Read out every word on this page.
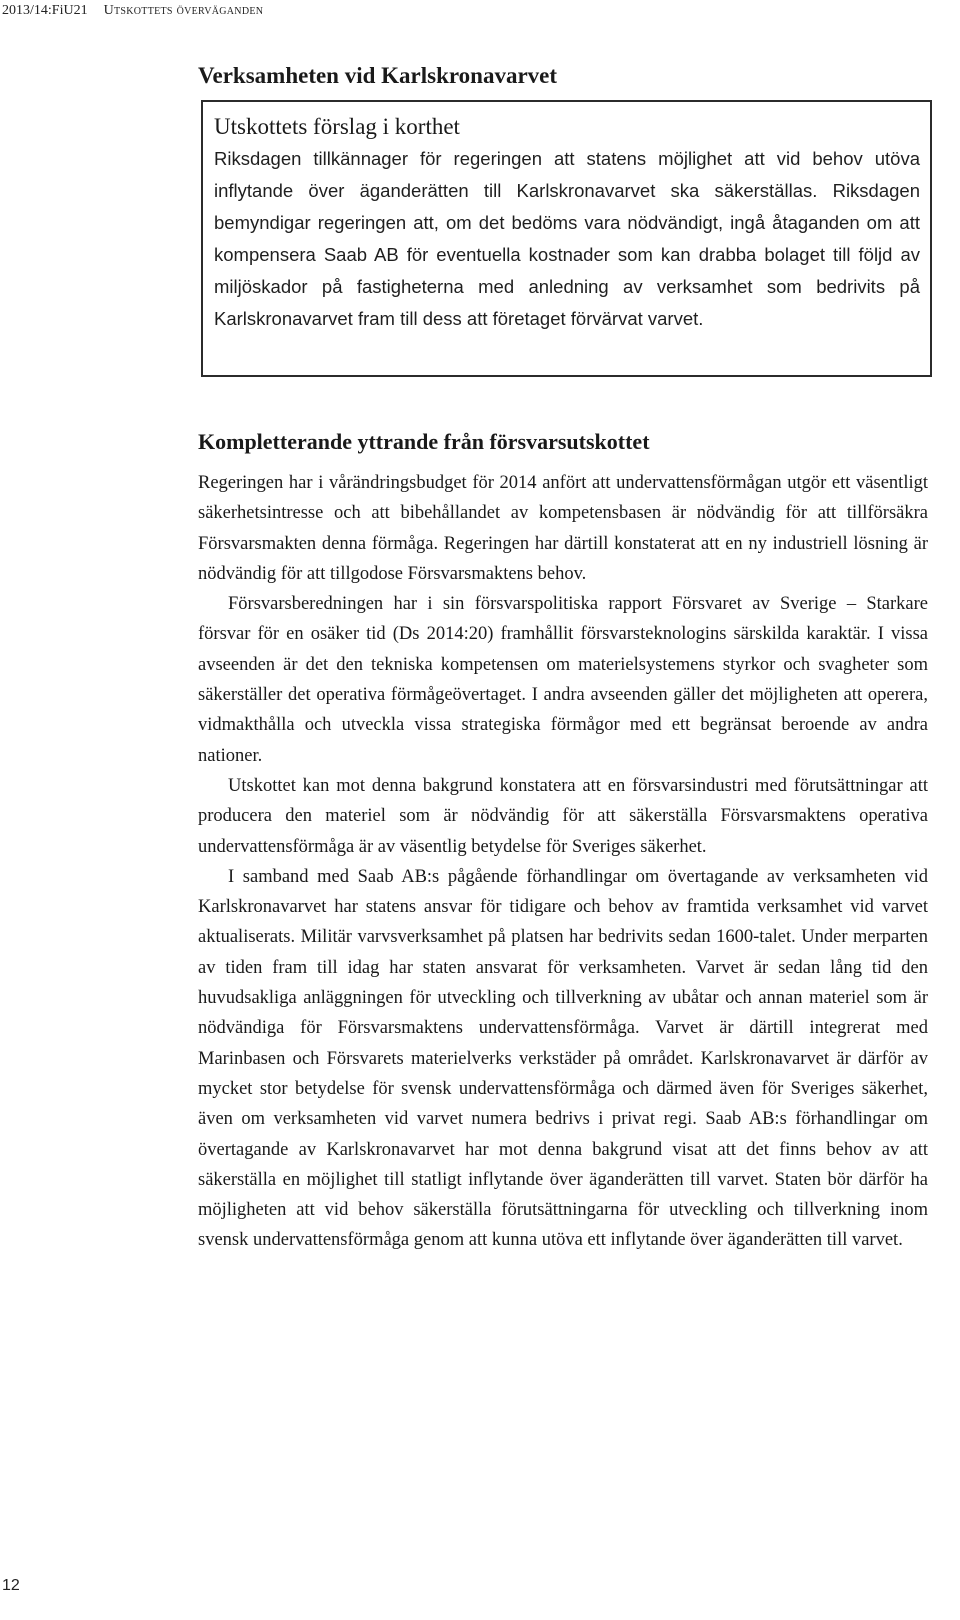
2013/14:FiU21 Utskottets överväganden
Verksamheten vid Karlskronavarvet
Utskottets förslag i korthet

Riksdagen tillkännager för regeringen att statens möjlighet att vid behov utöva inflytande över äganderätten till Karlskronavarvet ska säkerställas. Riksdagen bemyndigar regeringen att, om det bedöms vara nödvändigt, ingå åtaganden om att kompensera Saab AB för eventuella kostnader som kan drabba bolaget till följd av miljöskador på fastigheterna med anledning av verksamhet som bedrivits på Karlskronavarvet fram till dess att företaget förvärvat varvet.

Kompletterande yttrande från försvarsutskottet

Regeringen har i vårändringsbudget för 2014 anfört att undervattensförmågan utgör ett väsentligt säkerhetsintresse och att bibehållandet av kompetensbasen är nödvändig för att tillförsäkra Försvarsmakten denna förmåga. Regeringen har därtill konstaterat att en ny industriell lösning är nödvändig för att tillgodose Försvarsmaktens behov.

Försvarsberedningen har i sin försvarspolitiska rapport Försvaret av Sverige – Starkare försvar för en osäker tid (Ds 2014:20) framhållit försvarsteknologins särskilda karaktär. I vissa avseenden är det den tekniska kompetensen om materielsystemens styrkor och svagheter som säkerställer det operativa förmågeövertaget. I andra avseenden gäller det möjligheten att operera, vidmakthålla och utveckla vissa strategiska förmågor med ett begränsat beroende av andra nationer.

Utskottet kan mot denna bakgrund konstatera att en försvarsindustri med förutsättningar att producera den materiel som är nödvändig för att säkerställa Försvarsmaktens operativa undervattensförmåga är av väsentlig betydelse för Sveriges säkerhet.

I samband med Saab AB:s pågående förhandlingar om övertagande av verksamheten vid Karlskronavarvet har statens ansvar för tidigare och behov av framtida verksamhet vid varvet aktualiserats. Militär varvsverksamhet på platsen har bedrivits sedan 1600-talet. Under merparten av tiden fram till idag har staten ansvarat för verksamheten. Varvet är sedan lång tid den huvudsakliga anläggningen för utveckling och tillverkning av ubåtar och annan materiel som är nödvändiga för Försvarsmaktens undervattensförmåga. Varvet är därtill integrerat med Marinbasen och Försvarets materielverks verkstäder på området. Karlskronavarvet är därför av mycket stor betydelse för svensk undervattensförmåga och därmed även för Sveriges säkerhet, även om verksamheten vid varvet numera bedrivs i privat regi. Saab AB:s förhandlingar om övertagande av Karlskronavarvet har mot denna bakgrund visat att det finns behov av att säkerställa en möjlighet till statligt inflytande över äganderätten till varvet. Staten bör därför ha möjligheten att vid behov säkerställa förutsättningarna för utveckling och tillverkning inom svensk undervattensförmåga genom att kunna utöva ett inflytande över äganderätten till varvet.

12
